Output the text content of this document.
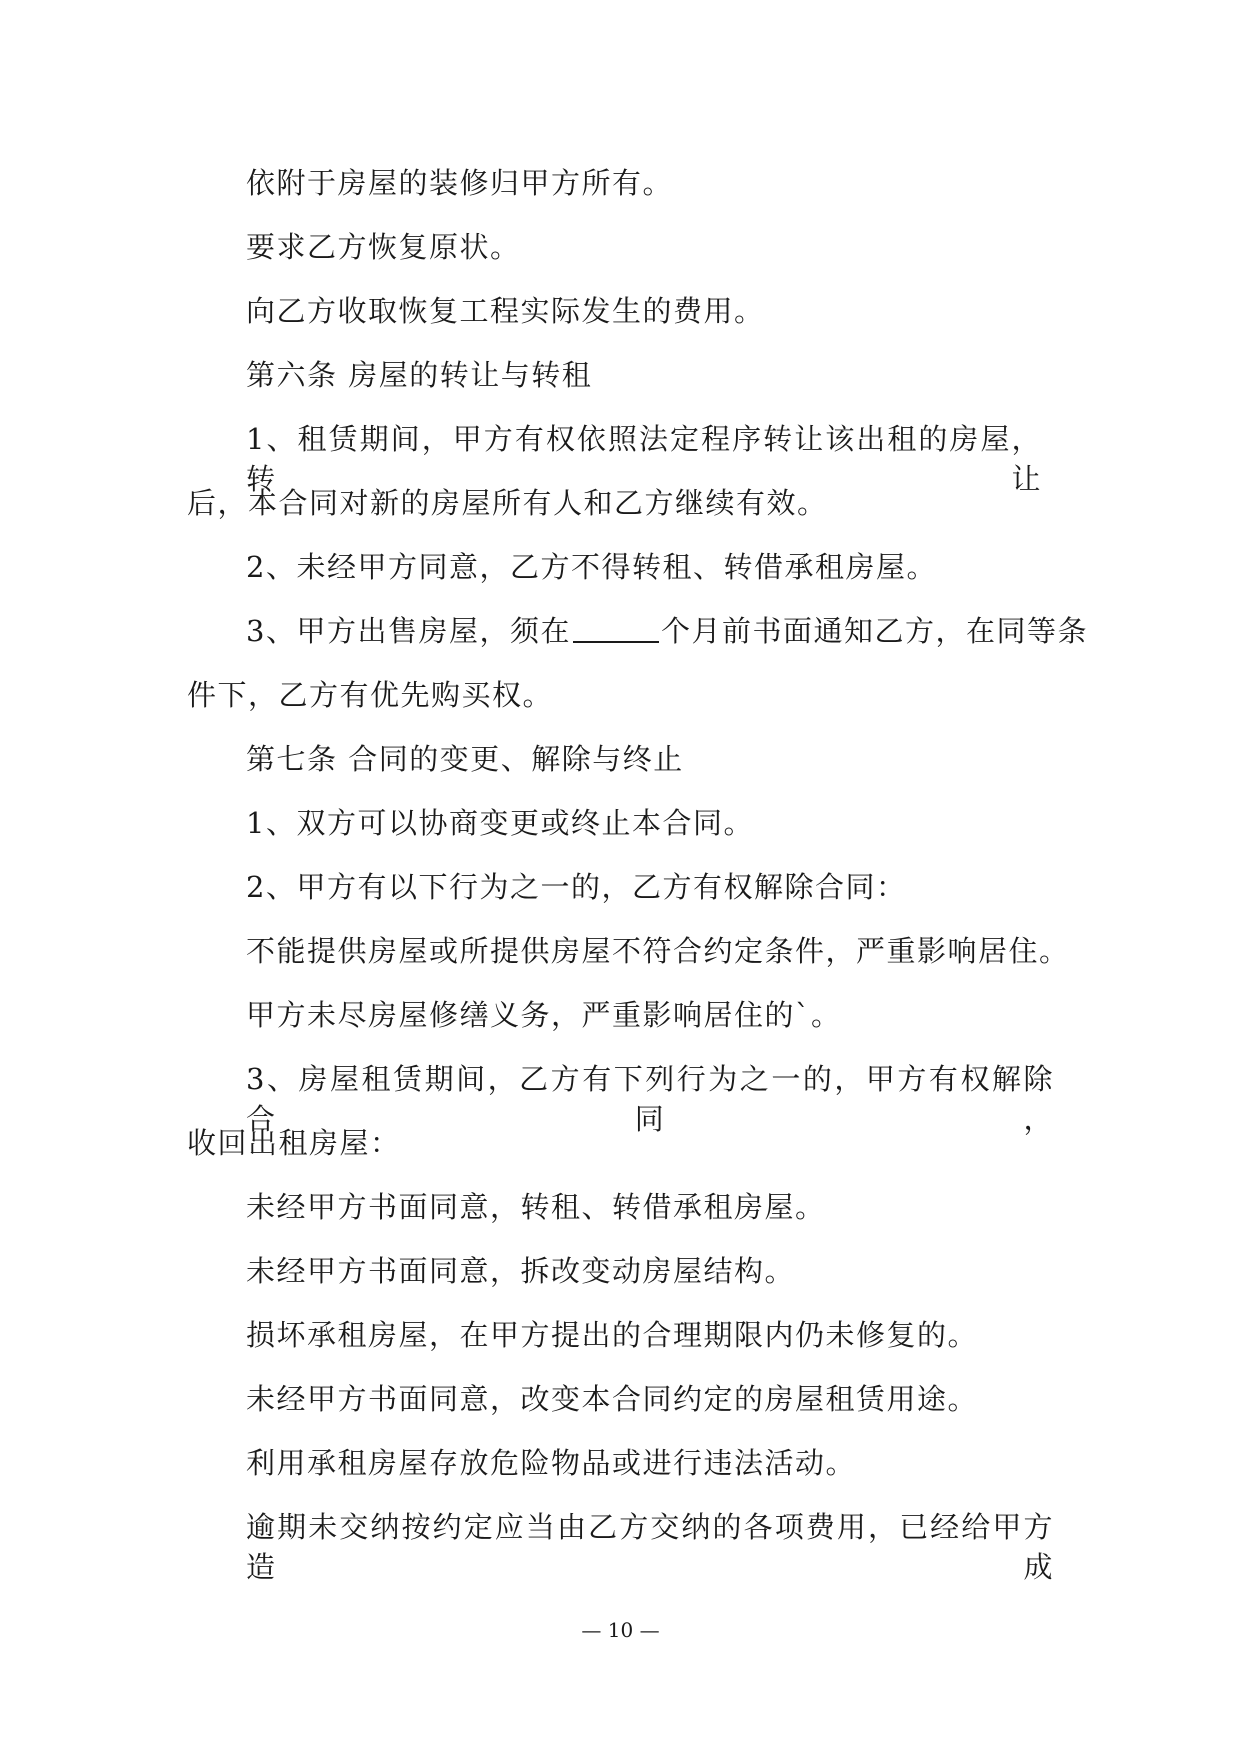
依附于房屋的装修归甲方所有。
要求乙方恢复原状。
向乙方收取恢复工程实际发生的费用。
第六条 房屋的转让与转租
1、租赁期间，甲方有权依照法定程序转让该出租的房屋，转让
后，本合同对新的房屋所有人和乙方继续有效。
2、未经甲方同意，乙方不得转租、转借承租房屋。
3、甲方出售房屋，须在	个月前书面通知乙方，在同等条
件下，乙方有优先购买权。
第七条 合同的变更、解除与终止
1、双方可以协商变更或终止本合同。
2、甲方有以下行为之一的，乙方有权解除合同：
不能提供房屋或所提供房屋不符合约定条件，严重影响居住。
甲方未尽房屋修缮义务，严重影响居住的`。
3、房屋租赁期间，乙方有下列行为之一的，甲方有权解除合同，
收回出租房屋：
未经甲方书面同意，转租、转借承租房屋。
未经甲方书面同意，拆改变动房屋结构。
损坏承租房屋，在甲方提出的合理期限内仍未修复的。
未经甲方书面同意，改变本合同约定的房屋租赁用途。
利用承租房屋存放危险物品或进行违法活动。
逾期未交纳按约定应当由乙方交纳的各项费用，已经给甲方造成
— 10 —
